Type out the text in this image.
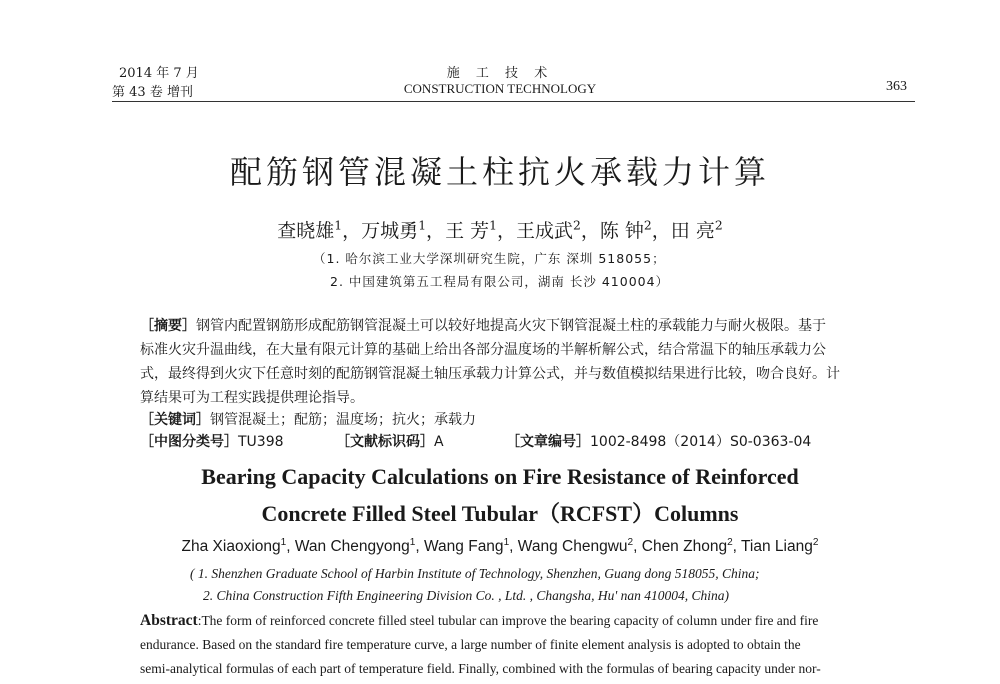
2014 年 7 月
第 43 卷 增刊
施 工 技 术
CONSTRUCTION TECHNOLOGY	363
配筋钢管混凝土柱抗火承载力计算
查晓雄$^1$，万城勇$^1$，王 芳$^1$，王成武$^2$，陈 钟$^2$，田 亮$^2$
（1. 哈尔滨工业大学深圳研究生院，广东 深圳 518055；
2. 中国建筑第五工程局有限公司，湖南 长沙 410004）
［摘要］钢管内配置钢筋形成配筋钢管混凝土可以较好地提高火灾下钢管混凝土柱的承载能力与耐火极限。基于
标准火灾升温曲线，在大量有限元计算的基础上给出各部分温度场的半解析解公式，结合常温下的轴压承载力公
式，最终得到火灾下任意时刻的配筋钢管混凝土轴压承载力计算公式，并与数值模拟结果进行比较，吻合良好。计
算结果可为工程实践提供理论指导。
［关键词］钢管混凝土；配筋；温度场；抗火；承载力
［中图分类号］TU398	［文献标识码］A	［文章编号］1002-8498（2014）S0-0363-04
Bearing Capacity Calculations on Fire Resistance of Reinforced
Concrete Filled Steel Tubular（RCFST）Columns
Zha Xiaoxiong$^1$, Wan Chengyong$^1$, Wang Fang$^1$, Wang Chengwu$^2$, Chen Zhong$^2$, Tian Liang$^2$
( 1. Shenzhen Graduate School of Harbin Institute of Technology, Shenzhen, Guang dong 518055, China;
2. China Construction Fifth Engineering Division Co. , Ltd. , Changsha, Hu' nan 410004, China)
Abstract:The form of reinforced concrete filled steel tubular can improve the bearing capacity of column under fire and fire
endurance. Based on the standard fire temperature curve, a large number of finite element analysis is adopted to obtain the
semi-analytical formulas of each part of temperature field. Finally, combined with the formulas of bearing capacity under nor-
